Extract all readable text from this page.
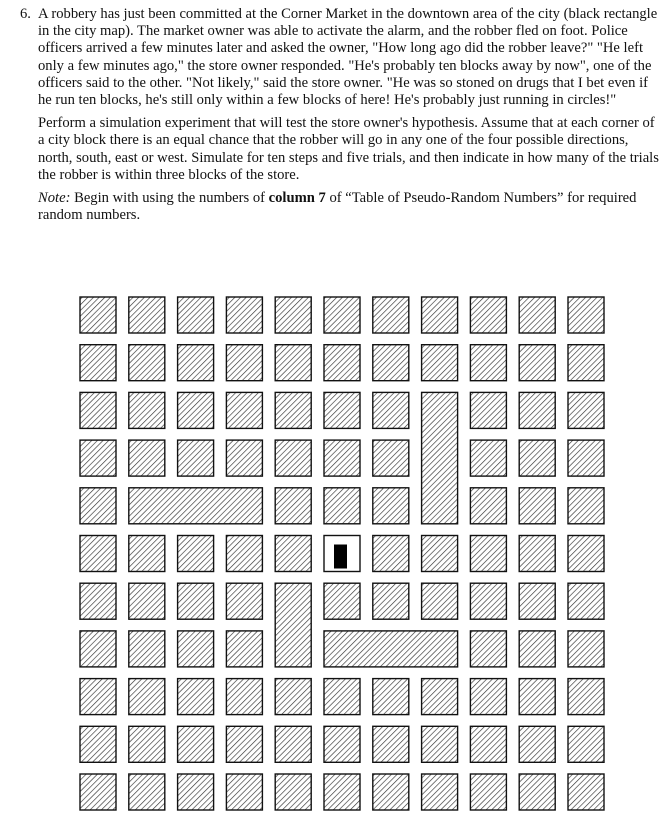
6. A robbery has just been committed at the Corner Market in the downtown area of the city (black rectangle in the city map). The market owner was able to activate the alarm, and the robber fled on foot. Police officers arrived a few minutes later and asked the owner, "How long ago did the robber leave?" "He left only a few minutes ago," the store owner responded. "He's probably ten blocks away by now", one of the officers said to the other. "Not likely," said the store owner. "He was so stoned on drugs that I bet even if he run ten blocks, he's still only within a few blocks of here! He's probably just running in circles!"

Perform a simulation experiment that will test the store owner's hypothesis. Assume that at each corner of a city block there is an equal chance that the robber will go in any one of the four possible directions, north, south, east or west. Simulate for ten steps and five trials, and then indicate in how many of the trials the robber is within three blocks of the store.

Note: Begin with using the numbers of column 7 of “Table of Pseudo-Random Numbers” for required random numbers.
